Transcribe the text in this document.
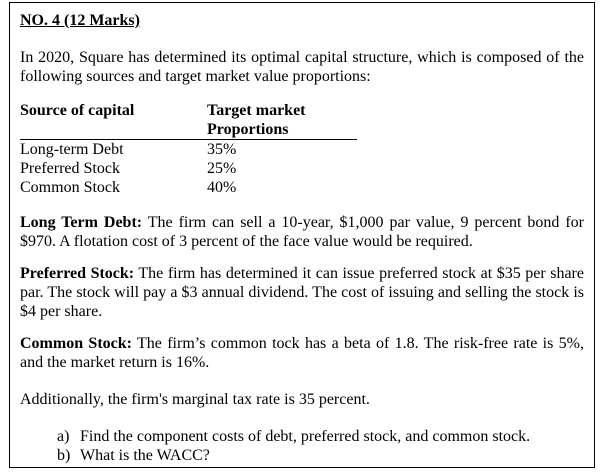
NO. 4 (12 Marks)

In 2020, Square has determined its optimal capital structure, which is composed of the following sources and target market value proportions:

Source of capital	Target market
Proportions
Long-term Debt	35%
Preferred Stock	25%
Common Stock	40%

Long Term Debt: The firm can sell a 10-year, $1,000 par value, 9 percent bond for $970. A flotation cost of 3 percent of the face value would be required.

Preferred Stock: The firm has determined it can issue preferred stock at $35 per share par. The stock will pay a $3 annual dividend. The cost of issuing and selling the stock is $4 per share.

Common Stock: The firm’s common tock has a beta of 1.8. The risk-free rate is 5%, and the market return is 16%.

Additionally, the firm's marginal tax rate is 35 percent.

a) Find the component costs of debt, preferred stock, and common stock.
b) What is the WACC?
